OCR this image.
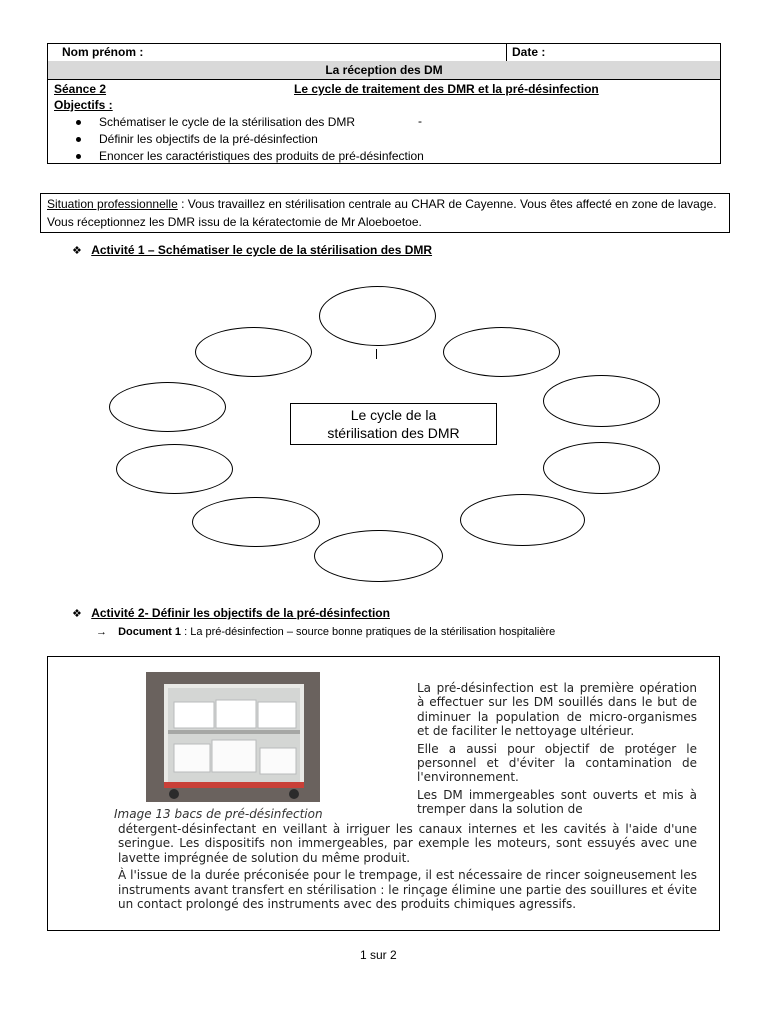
Nom prénom :	Date :
La réception des DM
Séance 2	Le cycle de traitement des DMR et la pré-désinfection
Objectifs :
Schématiser le cycle de la stérilisation des DMR
Définir les objectifs de la pré-désinfection
Enoncer les caractéristiques des produits de pré-désinfection
-
Situation professionnelle : Vous travaillez en stérilisation centrale au CHAR de Cayenne. Vous êtes affecté en zone de lavage. Vous réceptionnez les DMR issu de la kératectomie de Mr Aloeboetoe.
❖ Activité 1 – Schématiser le cycle de la stérilisation des DMR
Le cycle de la
stérilisation des DMR
❖ Activité 2- Définir les objectifs de la pré-désinfection
→ Document 1 : La pré-désinfection – source bonne pratiques de la stérilisation hospitalière
Image 13 bacs de pré-désinfection
La pré-désinfection est la première opération à effectuer sur les DM souillés dans le but de diminuer la population de micro-organismes et de faciliter le nettoyage ultérieur.
Elle a aussi pour objectif de protéger le personnel et d'éviter la contamination de l'environnement.
Les DM immergeables sont ouverts et mis à tremper dans la solution de
détergent-désinfectant en veillant à irriguer les canaux internes et les cavités à l'aide d'une seringue. Les dispositifs non immergeables, par exemple les moteurs, sont essuyés avec une lavette imprégnée de solution du même produit.
À l'issue de la durée préconisée pour le trempage, il est nécessaire de rincer soigneusement les instruments avant transfert en stérilisation : le rinçage élimine une partie des souillures et évite un contact prolongé des instruments avec des produits chimiques agressifs.
1 sur 2
